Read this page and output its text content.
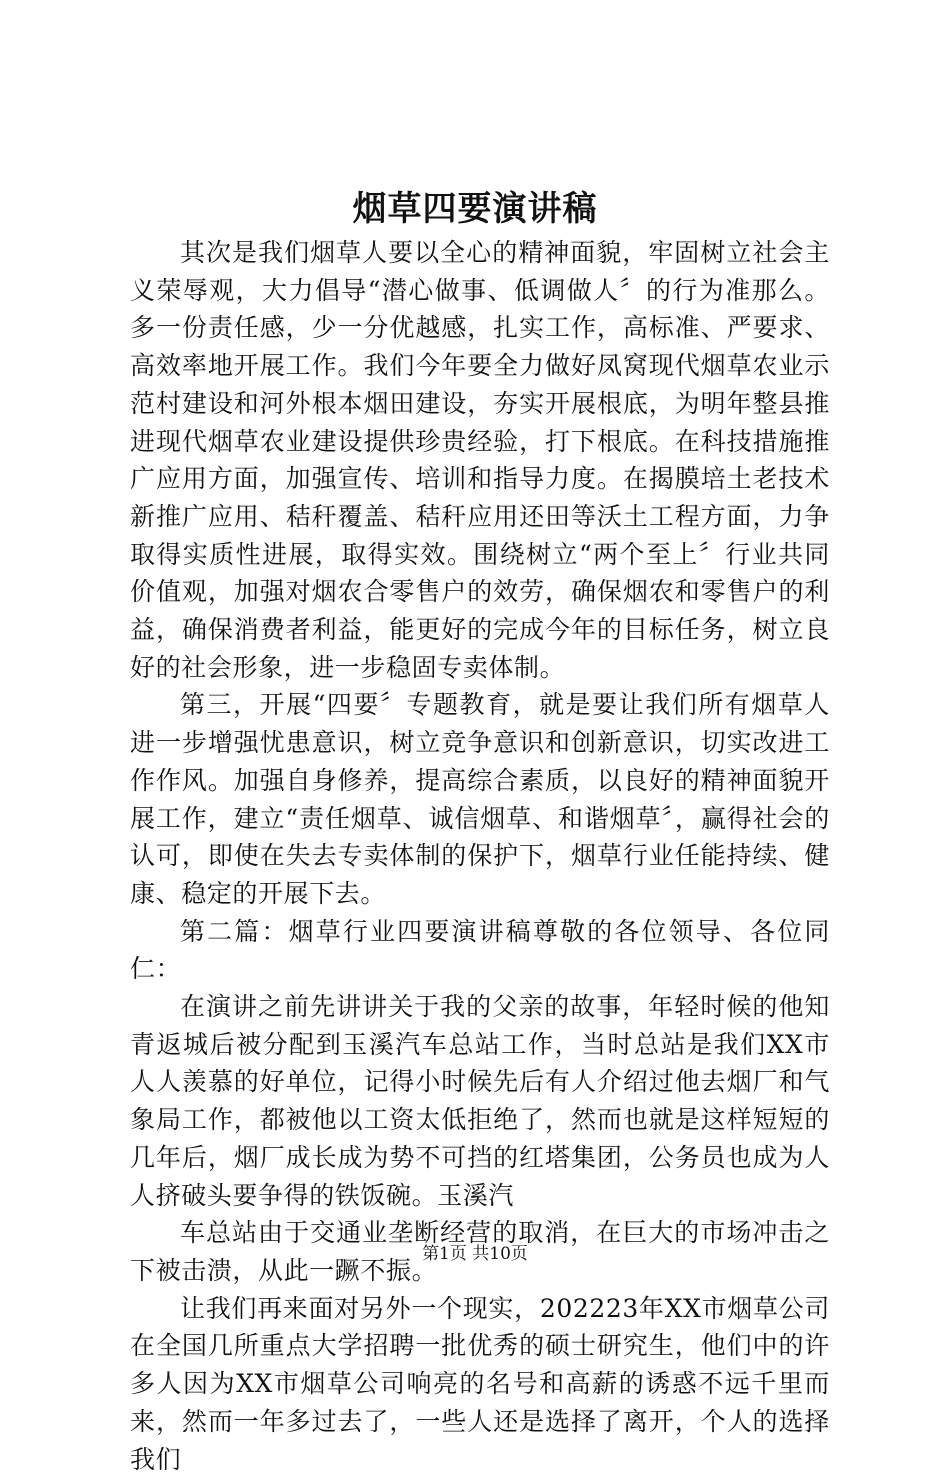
烟草四要演讲稿

其次是我们烟草人要以全心的精神面貌，牢固树立社会主义荣辱观，大力倡导“潜心做事、低调做人〞的行为准那么。多一份责任感，少一分优越感，扎实工作，高标准、严要求、高效率地开展工作。我们今年要全力做好凤窝现代烟草农业示范村建设和河外根本烟田建设，夯实开展根底，为明年整县推进现代烟草农业建设提供珍贵经验，打下根底。在科技措施推广应用方面，加强宣传、培训和指导力度。在揭膜培土老技术新推广应用、秸秆覆盖、秸秆应用还田等沃土工程方面，力争取得实质性进展，取得实效。围绕树立“两个至上〞行业共同价值观，加强对烟农合零售户的效劳，确保烟农和零售户的利益，确保消费者利益，能更好的完成今年的目标任务，树立良好的社会形象，进一步稳固专卖体制。

第三，开展“四要〞专题教育，就是要让我们所有烟草人进一步增强忧患意识，树立竞争意识和创新意识，切实改进工作作风。加强自身修养，提高综合素质，以良好的精神面貌开展工作，建立“责任烟草、诚信烟草、和谐烟草〞，赢得社会的认可，即使在失去专卖体制的保护下，烟草行业任能持续、健康、稳定的开展下去。

第二篇：烟草行业四要演讲稿尊敬的各位领导、各位同仁：

在演讲之前先讲讲关于我的父亲的故事，年轻时候的他知青返城后被分配到玉溪汽车总站工作，当时总站是我们XX市人人羡慕的好单位，记得小时候先后有人介绍过他去烟厂和气象局工作，都被他以工资太低拒绝了，然而也就是这样短短的几年后，烟厂成长成为势不可挡的红塔集团，公务员也成为人人挤破头要争得的铁饭碗。玉溪汽

车总站由于交通业垄断经营的取消，在巨大的市场冲击之下被击溃，从此一蹶不振。

让我们再来面对另外一个现实，202223年XX市烟草公司在全国几所重点大学招聘一批优秀的硕士研究生，他们中的许多人因为XX市烟草公司响亮的名号和高薪的诱惑不远千里而来，然而一年多过去了，一些人还是选择了离开，个人的选择我们

第1页 共10页
